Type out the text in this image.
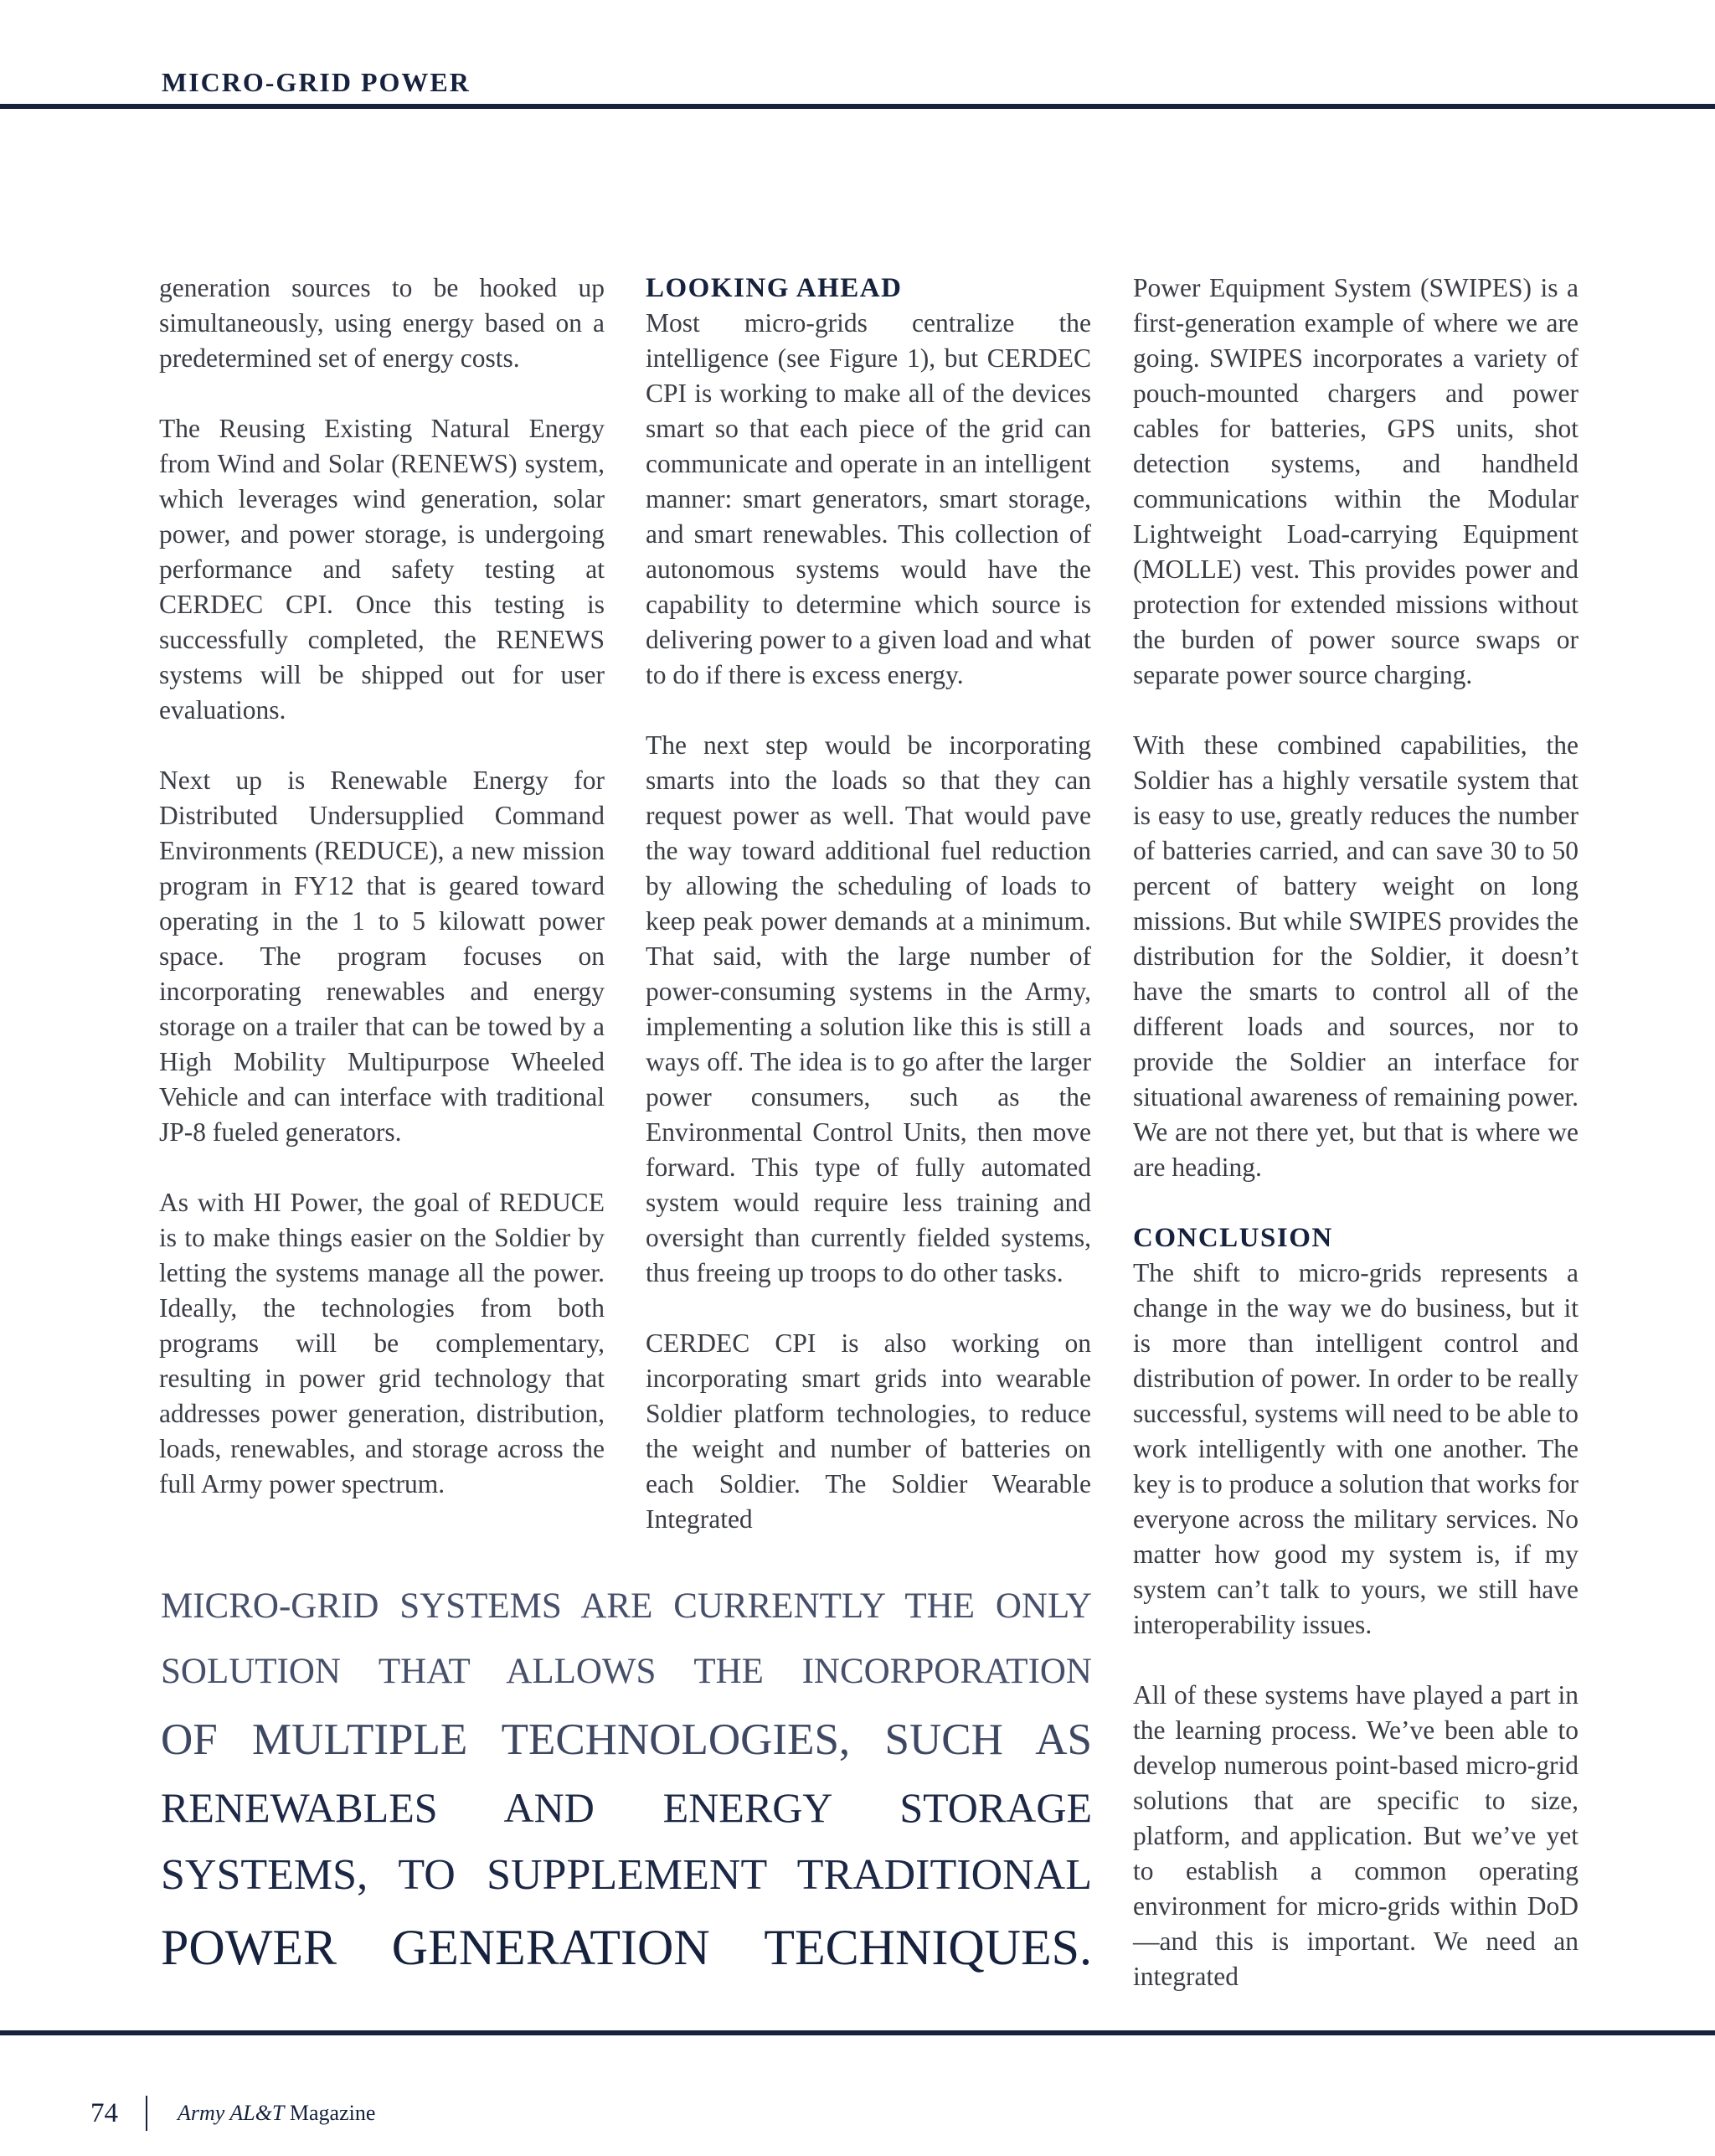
MICRO-GRID POWER

generation sources to be hooked up simultaneously, using energy based on a predetermined set of energy costs.

The Reusing Existing Natural Energy from Wind and Solar (RENEWS) system, which leverages wind generation, solar power, and power storage, is undergoing performance and safety testing at CERDEC CPI. Once this testing is successfully completed, the RENEWS systems will be shipped out for user evaluations.

Next up is Renewable Energy for Distributed Undersupplied Command Environments (REDUCE), a new mission program in FY12 that is geared toward operating in the 1 to 5 kilowatt power space. The program focuses on incorporating renewables and energy storage on a trailer that can be towed by a High Mobility Multipurpose Wheeled Vehicle and can interface with traditional JP-8 fueled generators.

As with HI Power, the goal of REDUCE is to make things easier on the Soldier by letting the systems manage all the power. Ideally, the technologies from both programs will be complementary, resulting in power grid technology that addresses power generation, distribution, loads, renewables, and storage across the full Army power spectrum.

LOOKING AHEAD

Most micro-grids centralize the intelligence (see Figure 1), but CERDEC CPI is working to make all of the devices smart so that each piece of the grid can communicate and operate in an intelligent manner: smart generators, smart storage, and smart renewables. This collection of autonomous systems would have the capability to determine which source is delivering power to a given load and what to do if there is excess energy.

The next step would be incorporating smarts into the loads so that they can request power as well. That would pave the way toward additional fuel reduction by allowing the scheduling of loads to keep peak power demands at a minimum. That said, with the large number of power-consuming systems in the Army, implementing a solution like this is still a ways off. The idea is to go after the larger power consumers, such as the Environmental Control Units, then move forward. This type of fully automated system would require less training and oversight than currently fielded systems, thus freeing up troops to do other tasks.

CERDEC CPI is also working on incorporating smart grids into wearable Soldier platform technologies, to reduce the weight and number of batteries on each Soldier. The Soldier Wearable Integrated

Power Equipment System (SWIPES) is a first-generation example of where we are going. SWIPES incorporates a variety of pouch-mounted chargers and power cables for batteries, GPS units, shot detection systems, and handheld communications within the Modular Lightweight Load-carrying Equipment (MOLLE) vest. This provides power and protection for extended missions without the burden of power source swaps or separate power source charging.

With these combined capabilities, the Soldier has a highly versatile system that is easy to use, greatly reduces the number of batteries carried, and can save 30 to 50 percent of battery weight on long missions. But while SWIPES provides the distribution for the Soldier, it doesn’t have the smarts to control all of the different loads and sources, nor to provide the Soldier an interface for situational awareness of remaining power. We are not there yet, but that is where we are heading.

CONCLUSION

The shift to micro-grids represents a change in the way we do business, but it is more than intelligent control and distribution of power. In order to be really successful, systems will need to be able to work intelligently with one another. The key is to produce a solution that works for everyone across the military services. No matter how good my system is, if my system can’t talk to yours, we still have interoperability issues.

All of these systems have played a part in the learning process. We’ve been able to develop numerous point-based micro-grid solutions that are specific to size, platform, and application. But we’ve yet to establish a common operating environment for micro-grids within DoD—and this is important. We need an integrated

MICRO-GRID SYSTEMS ARE CURRENTLY THE ONLY
SOLUTION THAT ALLOWS THE INCORPORATION
OF MULTIPLE TECHNOLOGIES, SUCH AS
RENEWABLES AND ENERGY STORAGE
SYSTEMS, TO SUPPLEMENT TRADITIONAL
POWER GENERATION TECHNIQUES.
74	Army AL&T Magazine
